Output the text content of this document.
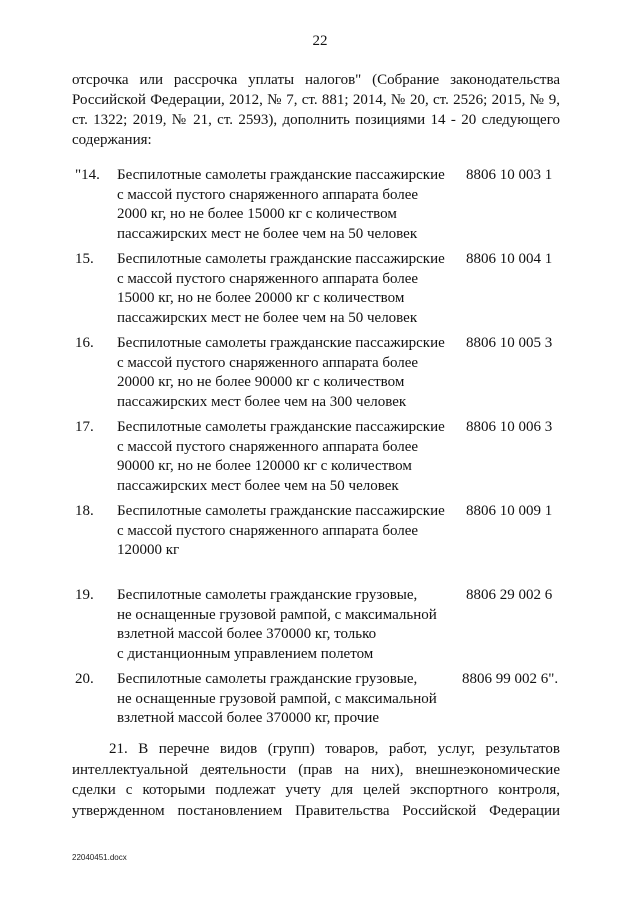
22
отсрочка или рассрочка уплаты налогов" (Собрание законодательства
Российской Федерации, 2012, № 7, ст. 881; 2014, № 20, ст. 2526; 2015, № 9,
ст. 1322; 2019, № 21, ст. 2593), дополнить позициями 14 - 20 следующего
содержания:
"14. Беспилотные самолеты гражданские пассажирские
с массой пустого снаряженного аппарата более
2000 кг, но не более 15000 кг с количеством
пассажирских мест не более чем на 50 человек
8806 10 003 1
15. Беспилотные самолеты гражданские пассажирские
с массой пустого снаряженного аппарата более
15000 кг, но не более 20000 кг с количеством
пассажирских мест не более чем на 50 человек
8806 10 004 1
16. Беспилотные самолеты гражданские пассажирские
с массой пустого снаряженного аппарата более
20000 кг, но не более 90000 кг с количеством
пассажирских мест более чем на 300 человек
8806 10 005 3
17. Беспилотные самолеты гражданские пассажирские
с массой пустого снаряженного аппарата более
90000 кг, но не более 120000 кг с количеством
пассажирских мест более чем на 50 человек
8806 10 006 3
18. Беспилотные самолеты гражданские пассажирские
с массой пустого снаряженного аппарата более
120000 кг
8806 10 009 1
19. Беспилотные самолеты гражданские грузовые,
не оснащенные грузовой рампой, с максимальной
взлетной массой более 370000 кг, только
с дистанционным управлением полетом
8806 29 002 6
20. Беспилотные самолеты гражданские грузовые,
не оснащенные грузовой рампой, с максимальной
взлетной массой более 370000 кг, прочие
8806 99 002 6".
21. В перечне видов (групп) товаров, работ, услуг, результатов
интеллектуальной деятельности (прав на них), внешнеэкономические
сделки с которыми подлежат учету для целей экспортного контроля,
утвержденном постановлением Правительства Российской Федерации
22040451.docx
